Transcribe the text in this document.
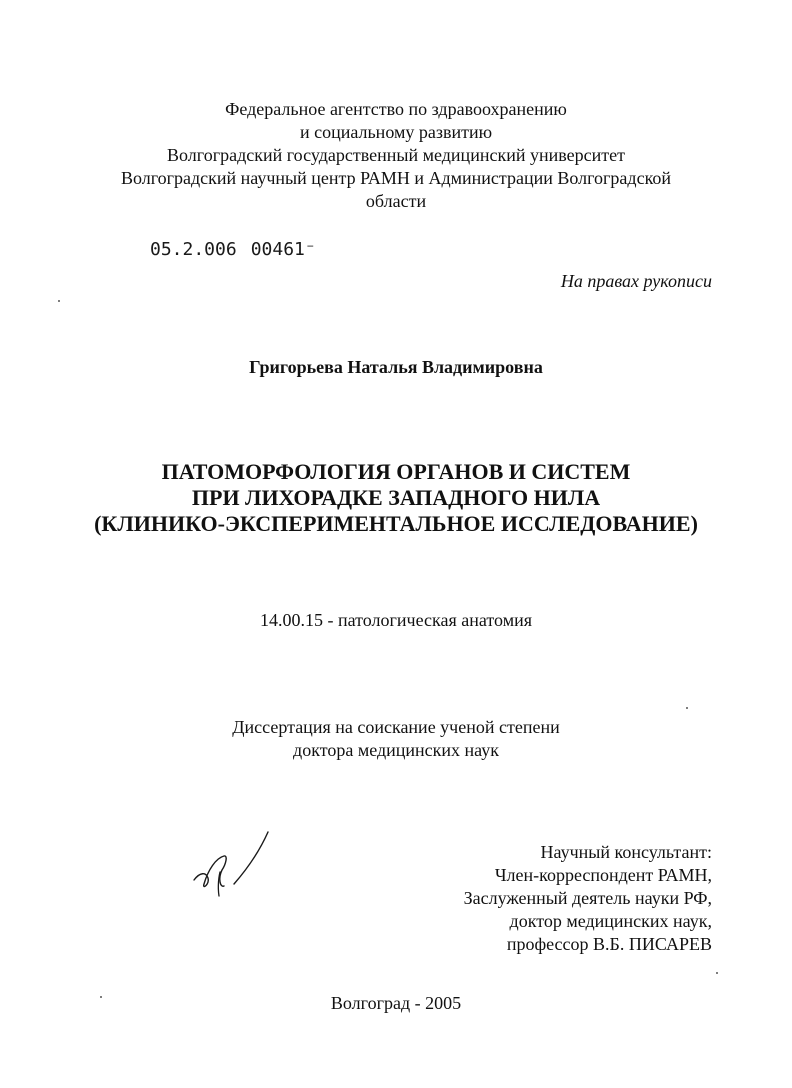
Федеральное агентство по здравоохранению
и социальному развитию
Волгоградский государственный медицинский университет
Волгоградский научный центр РАМН и Администрации Волгоградской
области
05.2.006 00461⁻
На правах рукописи
Григорьева Наталья Владимировна
ПАТОМОРФОЛОГИЯ ОРГАНОВ И СИСТЕМ
ПРИ ЛИХОРАДКЕ ЗАПАДНОГО НИЛА
(КЛИНИКО-ЭКСПЕРИМЕНТАЛЬНОЕ ИССЛЕДОВАНИЕ)
14.00.15 - патологическая анатомия
Диссертация на соискание ученой степени
доктора медицинских наук
Научный консультант:
Член-корреспондент РАМН,
Заслуженный деятель науки РФ,
доктор медицинских наук,
профессор В.Б. ПИСАРЕВ
Волгоград - 2005
